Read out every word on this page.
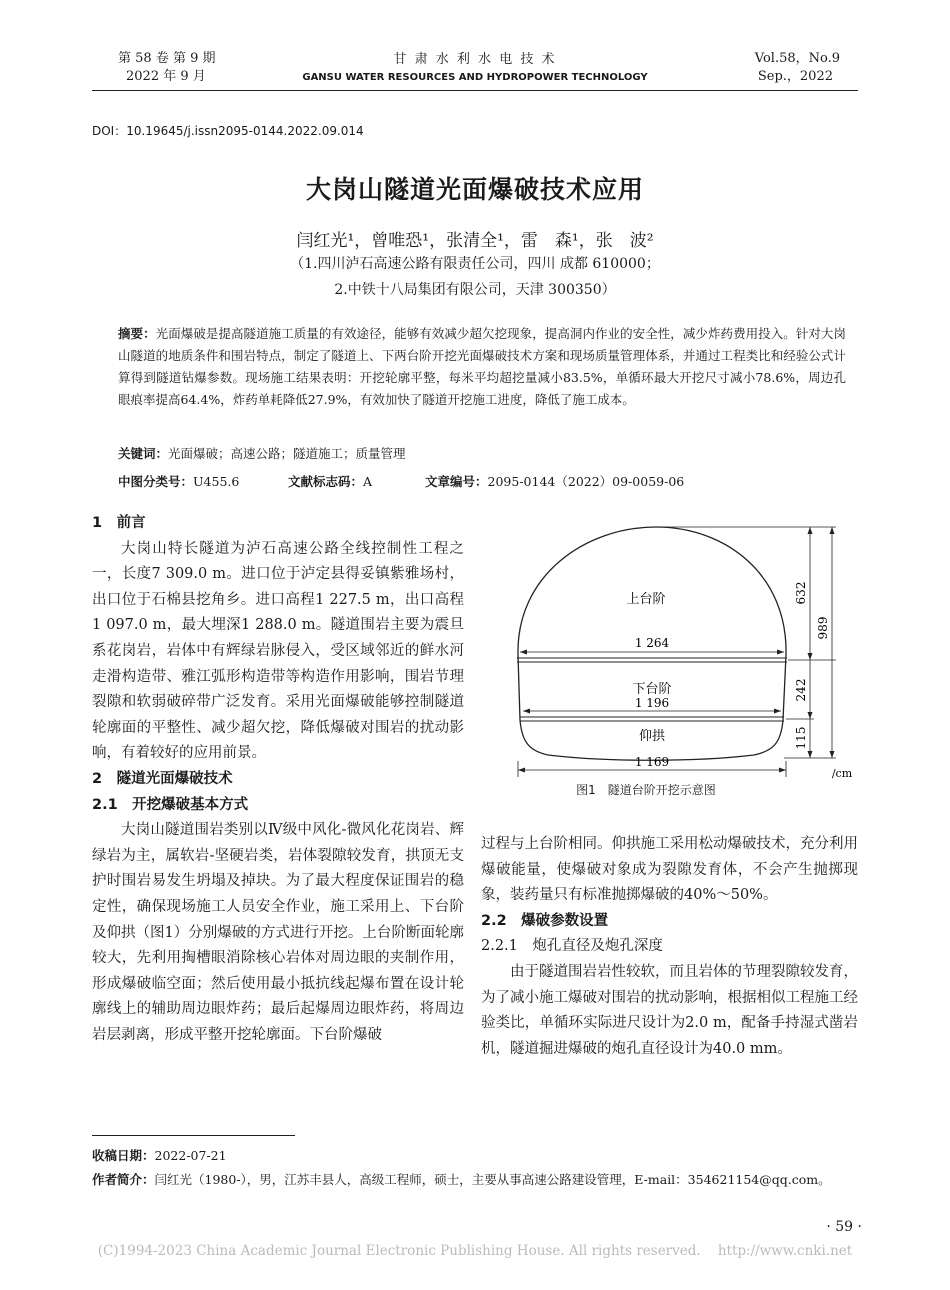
第 58 卷 第 9 期
2022 年 9 月
甘 肃 水 利 水 电 技 术
GANSU WATER RESOURCES AND HYDROPOWER TECHNOLOGY
Vol.58，No.9
Sep.，2022
DOI：10.19645/j.issn2095-0144.2022.09.014
大岗山隧道光面爆破技术应用
闫红光¹，曾唯恐¹，张清全¹，雷　森¹，张　波²
（1.四川泸石高速公路有限责任公司，四川 成都 610000；
2.中铁十八局集团有限公司，天津 300350）
摘要：光面爆破是提高隧道施工质量的有效途径，能够有效减少超欠挖现象，提高洞内作业的安全性，减少炸药费用投入。针对大岗山隧道的地质条件和围岩特点，制定了隧道上、下两台阶开挖光面爆破技术方案和现场质量管理体系，并通过工程类比和经验公式计算得到隧道钻爆参数。现场施工结果表明：开挖轮廓平整，每米平均超挖量减小83.5%，单循环最大开挖尺寸减小78.6%，周边孔眼痕率提高64.4%，炸药单耗降低27.9%，有效加快了隧道开挖施工进度，降低了施工成本。
关键词：光面爆破；高速公路；隧道施工；质量管理
中图分类号：U455.6	文献标志码：A	文章编号：2095-0144（2022）09-0059-06
1　前言

大岗山特长隧道为泸石高速公路全线控制性工程之一，长度7 309.0 m。进口位于泸定县得妥镇紫雅场村，出口位于石棉县挖角乡。进口高程1 227.5 m，出口高程1 097.0 m，最大埋深1 288.0 m。隧道围岩主要为震旦系花岗岩，岩体中有辉绿岩脉侵入，受区域邻近的鲜水河走滑构造带、雅江弧形构造带等构造作用影响，围岩节理裂隙和软弱破碎带广泛发育。采用光面爆破能够控制隧道轮廓面的平整性、减少超欠挖，降低爆破对围岩的扰动影响，有着较好的应用前景。

2　隧道光面爆破技术
2.1　开挖爆破基本方式

大岗山隧道围岩类别以Ⅳ级中风化-微风化花岗岩、辉绿岩为主，属软岩-坚硬岩类，岩体裂隙较发育，拱顶无支护时围岩易发生坍塌及掉块。为了最大程度保证围岩的稳定性，确保现场施工人员安全作业，施工采用上、下台阶及仰拱（图1）分别爆破的方式进行开挖。上台阶断面轮廓较大，先利用掏槽眼消除核心岩体对周边眼的夹制作用，形成爆破临空面；然后使用最小抵抗线起爆布置在设计轮廓线上的辅助周边眼炸药；最后起爆周边眼炸药，将周边岩层剥离，形成平整开挖轮廓面。下台阶爆破

上台阶
1 264
下台阶
1 196
仰拱
1 169
632
989
242
115
/cm
图1　隧道台阶开挖示意图
过程与上台阶相同。仰拱施工采用松动爆破技术，充分利用爆破能量，使爆破对象成为裂隙发育体，不会产生抛掷现象，装药量只有标准抛掷爆破的40%～50%。
2.2　爆破参数设置
2.2.1　炮孔直径及炮孔深度

由于隧道围岩岩性较软，而且岩体的节理裂隙较发育，为了减小施工爆破对围岩的扰动影响，根据相似工程施工经验类比，单循环实际进尺设计为2.0 m，配备手持湿式凿岩机，隧道掘进爆破的炮孔直径设计为40.0 mm。

收稿日期：2022-07-21
作者简介：闫红光（1980-），男，江苏丰县人，高级工程师，硕士，主要从事高速公路建设管理，E-mail：354621154@qq.com。
· 59 ·
(C)1994-2023 China Academic Journal Electronic Publishing House. All rights reserved.    http://www.cnki.net
